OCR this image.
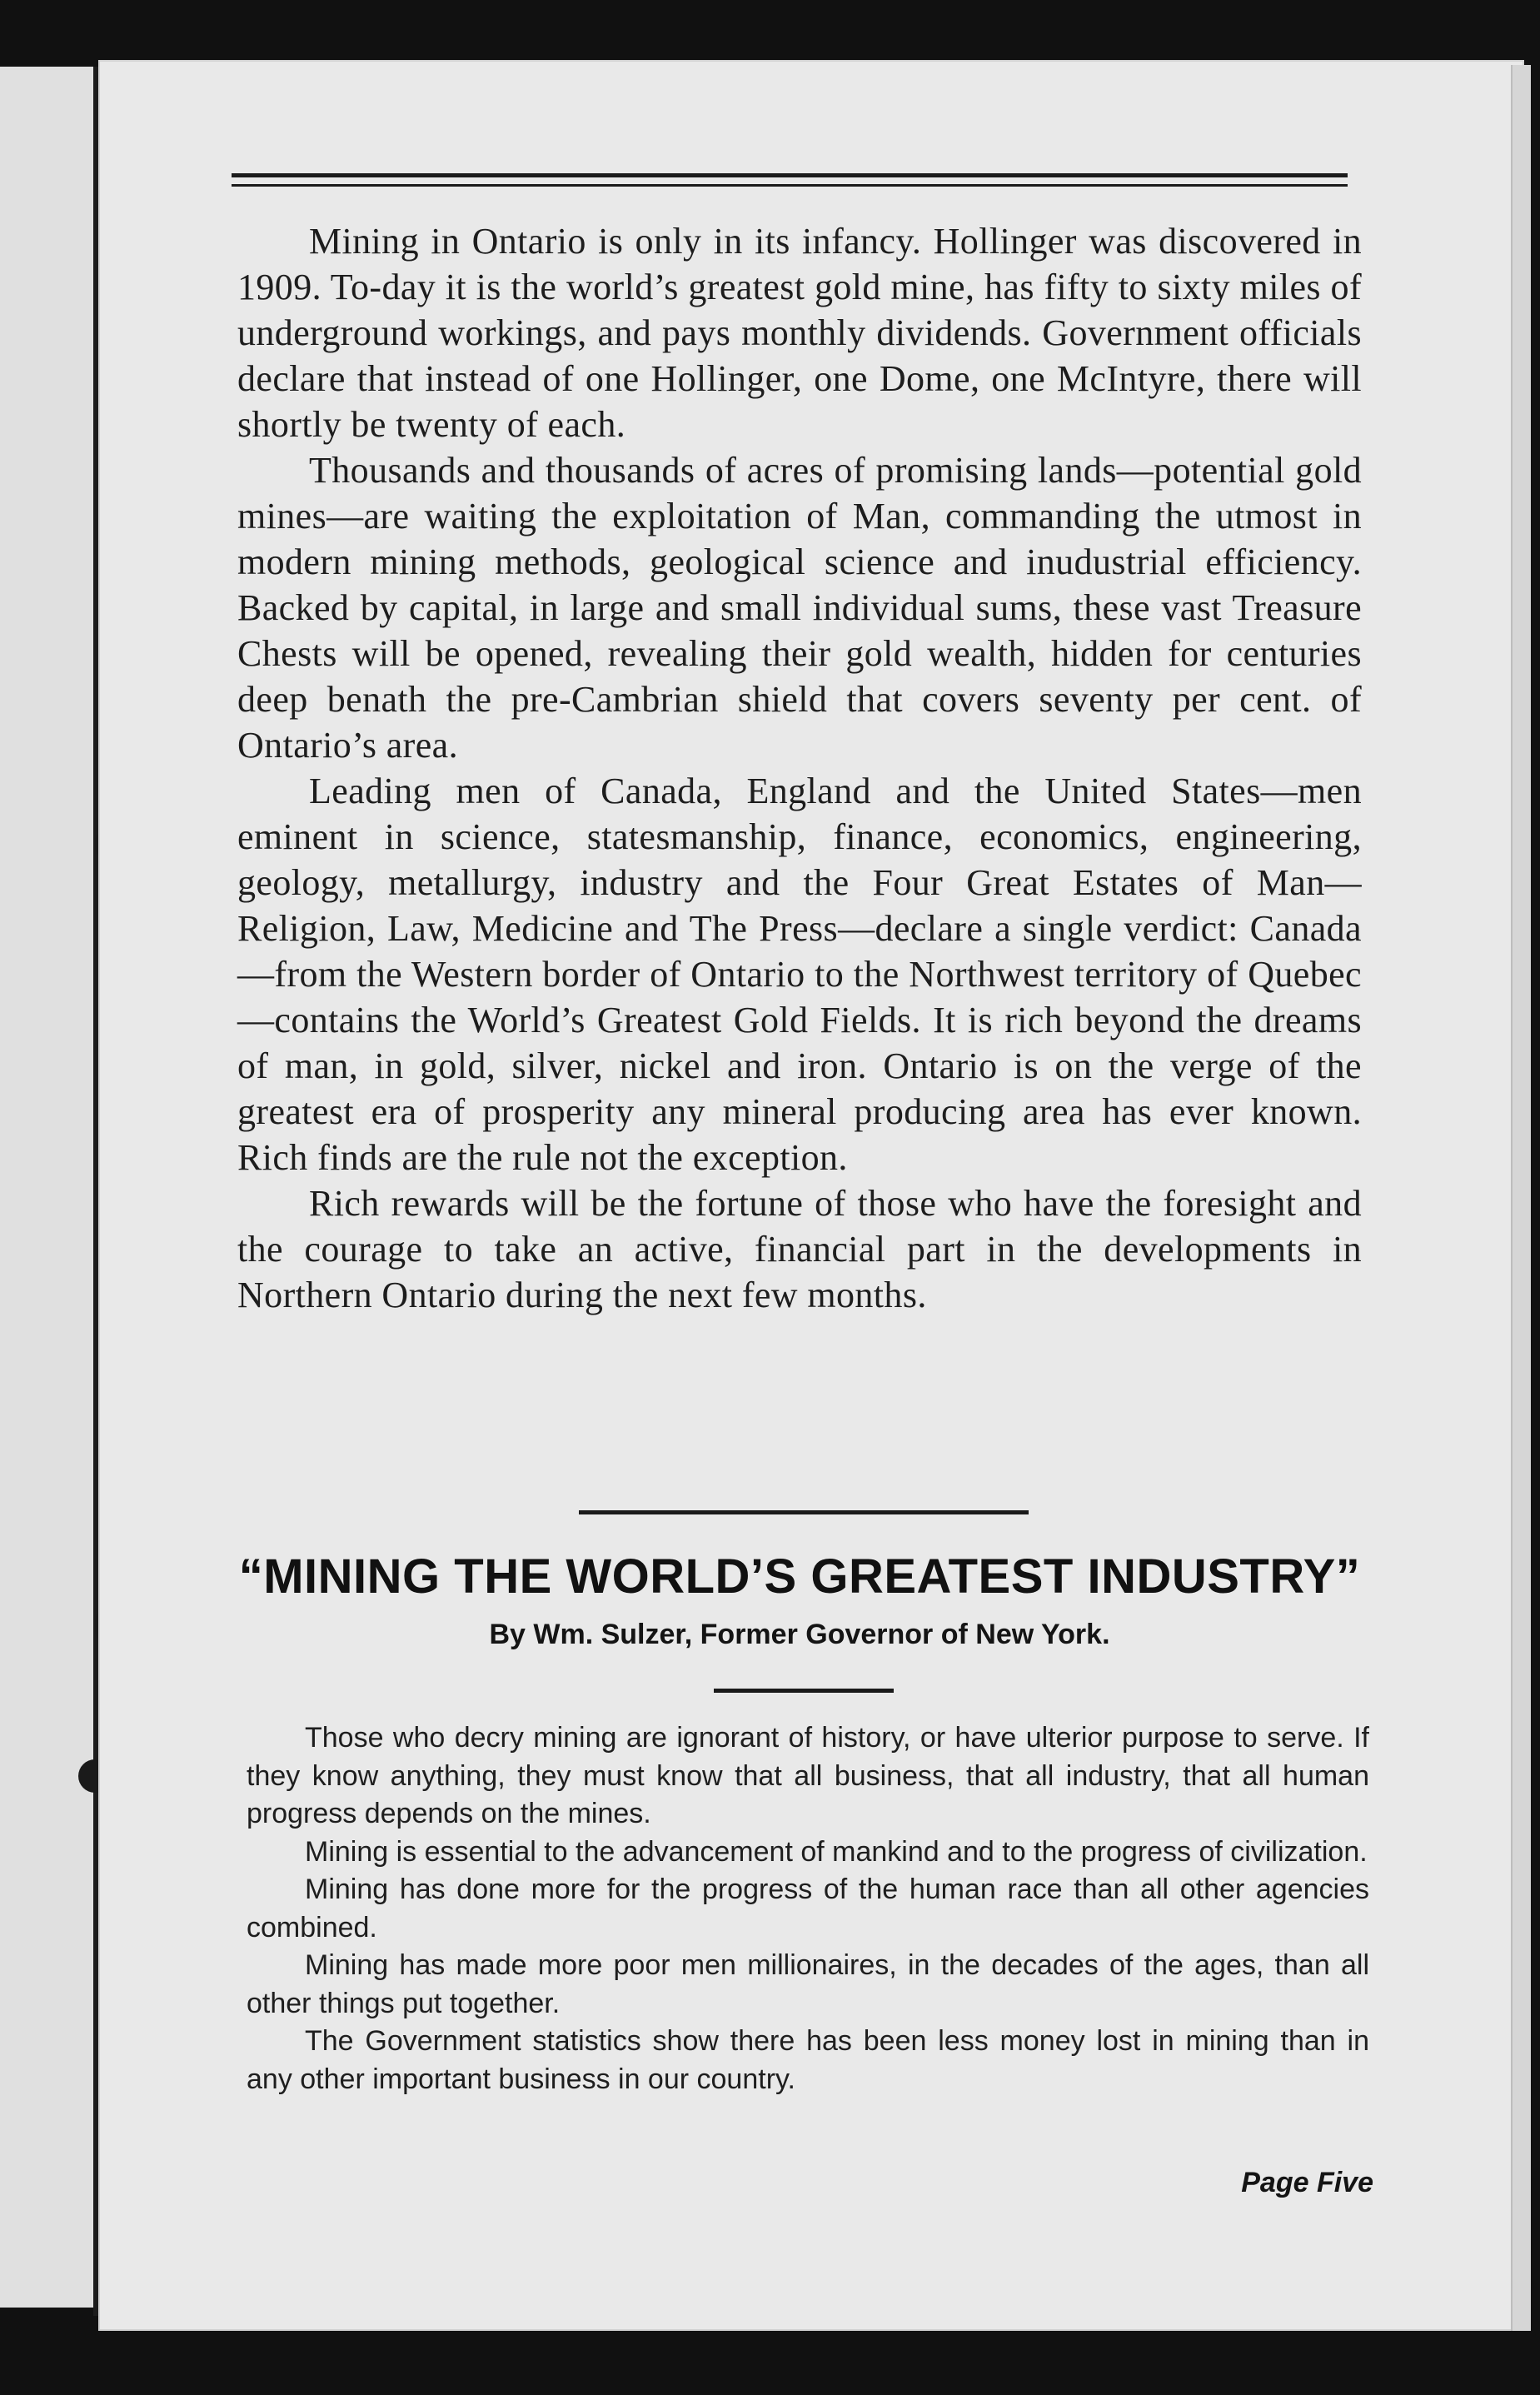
Mining in Ontario is only in its infancy. Hollinger was discovered in 1909. To-day it is the world’s greatest gold mine, has fifty to sixty miles of underground workings, and pays monthly dividends. Government officials declare that instead of one Hollinger, one Dome, one McIntyre, there will shortly be twenty of each.

Thousands and thousands of acres of promising lands—potential gold mines—are waiting the exploitation of Man, commanding the utmost in modern mining methods, geological science and inudustrial efficiency. Backed by capital, in large and small individual sums, these vast Treasure Chests will be opened, revealing their gold wealth, hidden for centuries deep benath the pre-Cambrian shield that covers seventy per cent. of Ontario’s area.

Leading men of Canada, England and the United States—men eminent in science, statesmanship, finance, economics, engineering, geology, metallurgy, industry and the Four Great Estates of Man—Religion, Law, Medicine and The Press—declare a single verdict: Canada—from the Western border of Ontario to the Northwest territory of Quebec—contains the World’s Greatest Gold Fields. It is rich beyond the dreams of man, in gold, silver, nickel and iron. Ontario is on the verge of the greatest era of prosperity any mineral producing area has ever known. Rich finds are the rule not the exception.

Rich rewards will be the fortune of those who have the foresight and the courage to take an active, financial part in the developments in Northern Ontario during the next few months.

“MINING THE WORLD’S GREATEST INDUSTRY”
By Wm. Sulzer, Former Governor of New York.

Those who decry mining are ignorant of history, or have ulterior purpose to serve. If they know anything, they must know that all business, that all industry, that all human progress depends on the mines.

Mining is essential to the advancement of mankind and to the progress of civilization.

Mining has done more for the progress of the human race than all other agencies combined.

Mining has made more poor men millionaires, in the decades of the ages, than all other things put together.

The Government statistics show there has been less money lost in mining than in any other important business in our country.

Page Five
